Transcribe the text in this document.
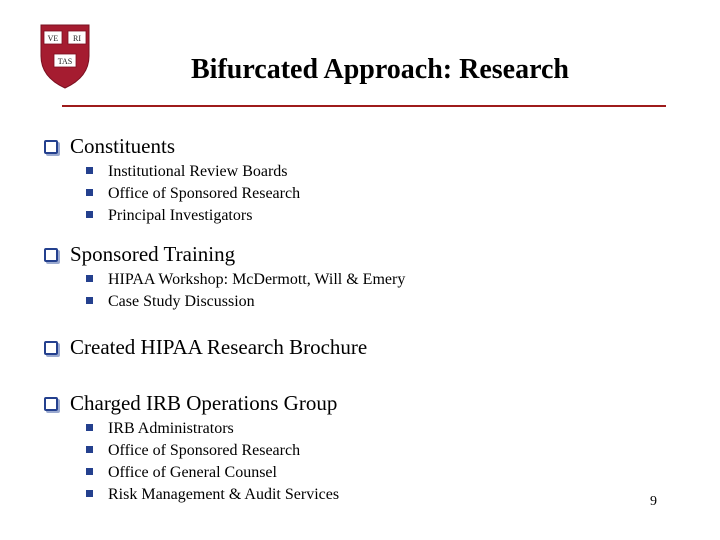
VE RI
TAS	Bifurcated Approach: Research
Constituents
Institutional Review Boards
Office of Sponsored Research
Principal Investigators
Sponsored Training
HIPAA Workshop: McDermott, Will & Emery
Case Study Discussion
Created HIPAA Research Brochure
Charged IRB Operations Group
IRB Administrators
Office of Sponsored Research
Office of General Counsel
Risk Management & Audit Services	9
